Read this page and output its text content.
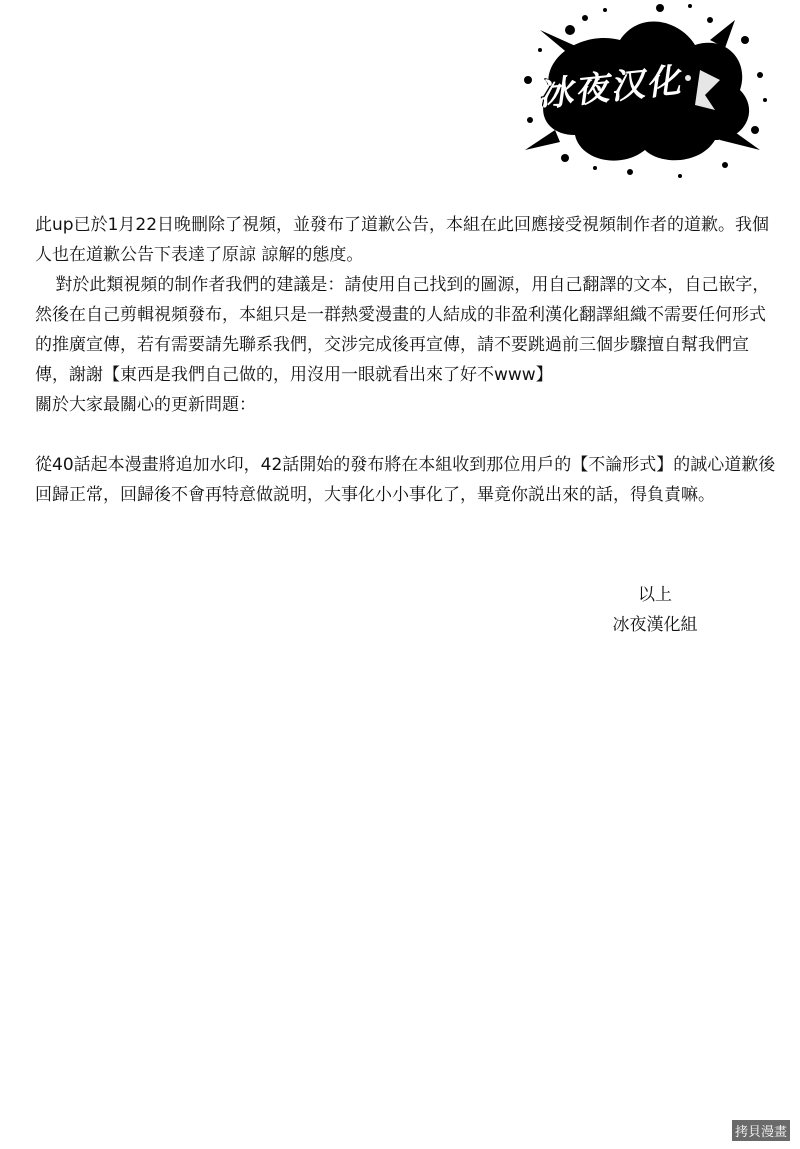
冰夜汉化

此up已於1月22日晚刪除了視頻，並發布了道歉公告，本組在此回應接受視頻制作者的道歉。我個人也在道歉公告下表達了原諒 諒解的態度。

對於此類視頻的制作者我們的建議是：請使用自己找到的圖源，用自己翻譯的文本，自己嵌字，然後在自己剪輯視頻發布，本組只是一群熱愛漫畫的人結成的非盈利漢化翻譯組織不需要任何形式的推廣宣傳，若有需要請先聯系我們，交涉完成後再宣傳，請不要跳過前三個步驟擅自幫我們宣傳，謝謝【東西是我們自己做的，用沒用一眼就看出來了好不www】

關於大家最關心的更新問題：

從40話起本漫畫將追加水印，42話開始的發布將在本組收到那位用戶的【不論形式】的誠心道歉後回歸正常，回歸後不會再特意做説明，大事化小小事化了，畢竟你説出來的話，得負責嘛。

以上
冰夜漢化組
拷貝漫畫
